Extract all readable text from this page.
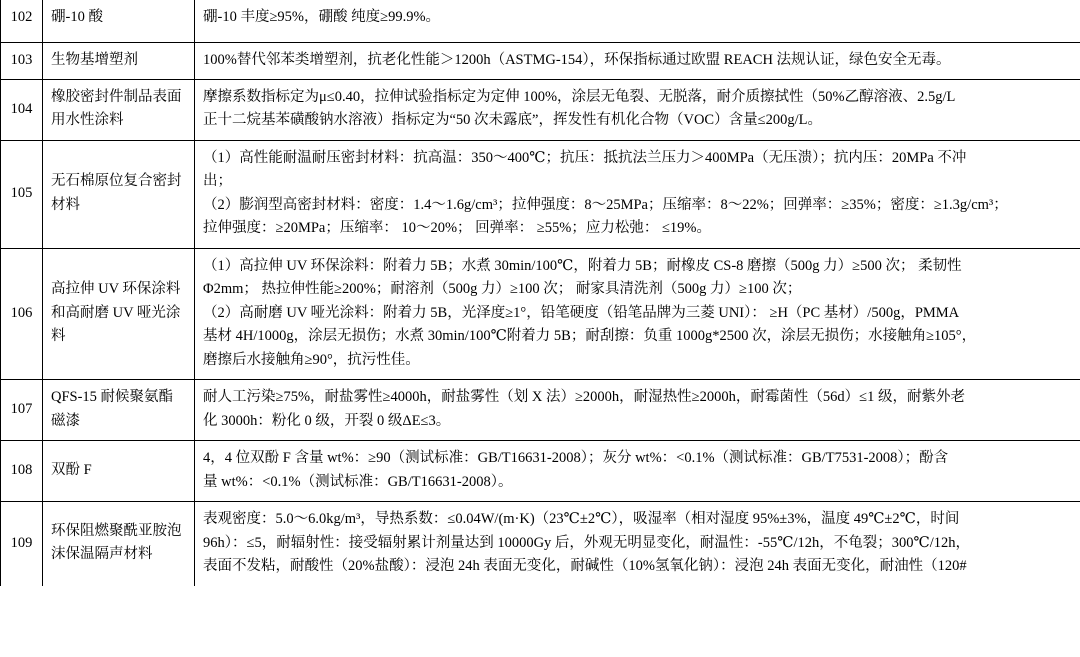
102	硼-10 酸	硼-10 丰度≥95%，硼酸 纯度≥99.9%。

103	生物基增塑剂	100%替代邻苯类增塑剂，抗老化性能＞1200h（ASTMG-154），环保指标通过欧盟 REACH 法规认证，绿色安全无毒。

104	橡胶密封件制品表面用水性涂料	摩擦系数指标定为μ≤0.40，拉伸试验指标定为定伸 100%，涂层无龟裂、无脱落，耐介质擦拭性（50%乙醇溶液、2.5g/L
正十二烷基苯磺酸钠水溶液）指标定为“50 次未露底”，挥发性有机化合物（VOC）含量≤200g/L。

105	无石棉原位复合密封材料	（1）高性能耐温耐压密封材料：抗高温：350～400℃；抗压：抵抗法兰压力＞400MPa（无压溃）；抗内压：20MPa 不冲
出；
（2）膨润型高密封材料：密度：1.4～1.6g/cm³；拉伸强度：8～25MPa；压缩率：8～22%；回弹率：≥35%；密度：≥1.3g/cm³；
拉伸强度：≥20MPa；压缩率： 10～20%； 回弹率： ≥55%；应力松弛： ≤19%。

106	高拉伸 UV 环保涂料和高耐磨 UV 哑光涂料	（1）高拉伸 UV 环保涂料：附着力 5B；水煮 30min/100℃，附着力 5B；耐橡皮 CS-8 磨擦（500g 力）≥500 次； 柔韧性
Φ2mm； 热拉伸性能≥200%；耐溶剂（500g 力）≥100 次； 耐家具清洗剂（500g 力）≥100 次；
（2）高耐磨 UV 哑光涂料：附着力 5B，光泽度≥1°，铅笔硬度（铅笔品牌为三菱 UNI）： ≥H（PC 基材）/500g，PMMA
基材 4H/1000g，涂层无损伤；水煮 30min/100℃附着力 5B；耐刮擦：负重 1000g*2500 次，涂层无损伤；水接触角≥105°，
磨擦后水接触角≥90°，抗污性佳。

107	QFS-15 耐候聚氨酯磁漆	耐人工污染≥75%，耐盐雾性≥4000h，耐盐雾性（划 X 法）≥2000h，耐湿热性≥2000h，耐霉菌性（56d）≤1 级，耐紫外老
化 3000h：粉化 0 级，开裂 0 级ΔE≤3。

108	双酚 F	4，4 位双酚 F 含量 wt%：≥90（测试标准：GB/T16631-2008）；灰分 wt%：<0.1%（测试标准：GB/T7531-2008）；酚含
量 wt%：<0.1%（测试标准：GB/T16631-2008）。

109	环保阻燃聚酰亚胺泡沫保温隔声材料	表观密度：5.0～6.0kg/m³，导热系数：≤0.04W/(m·K)（23℃±2℃），吸湿率（相对湿度 95%±3%，温度 49℃±2℃，时间
96h）：≤5，耐辐射性：接受辐射累计剂量达到 10000Gy 后，外观无明显变化，耐温性：-55℃/12h，不龟裂；300℃/12h，
表面不发粘，耐酸性（20%盐酸）：浸泡 24h 表面无变化，耐碱性（10%氢氧化钠）：浸泡 24h 表面无变化，耐油性（120#
